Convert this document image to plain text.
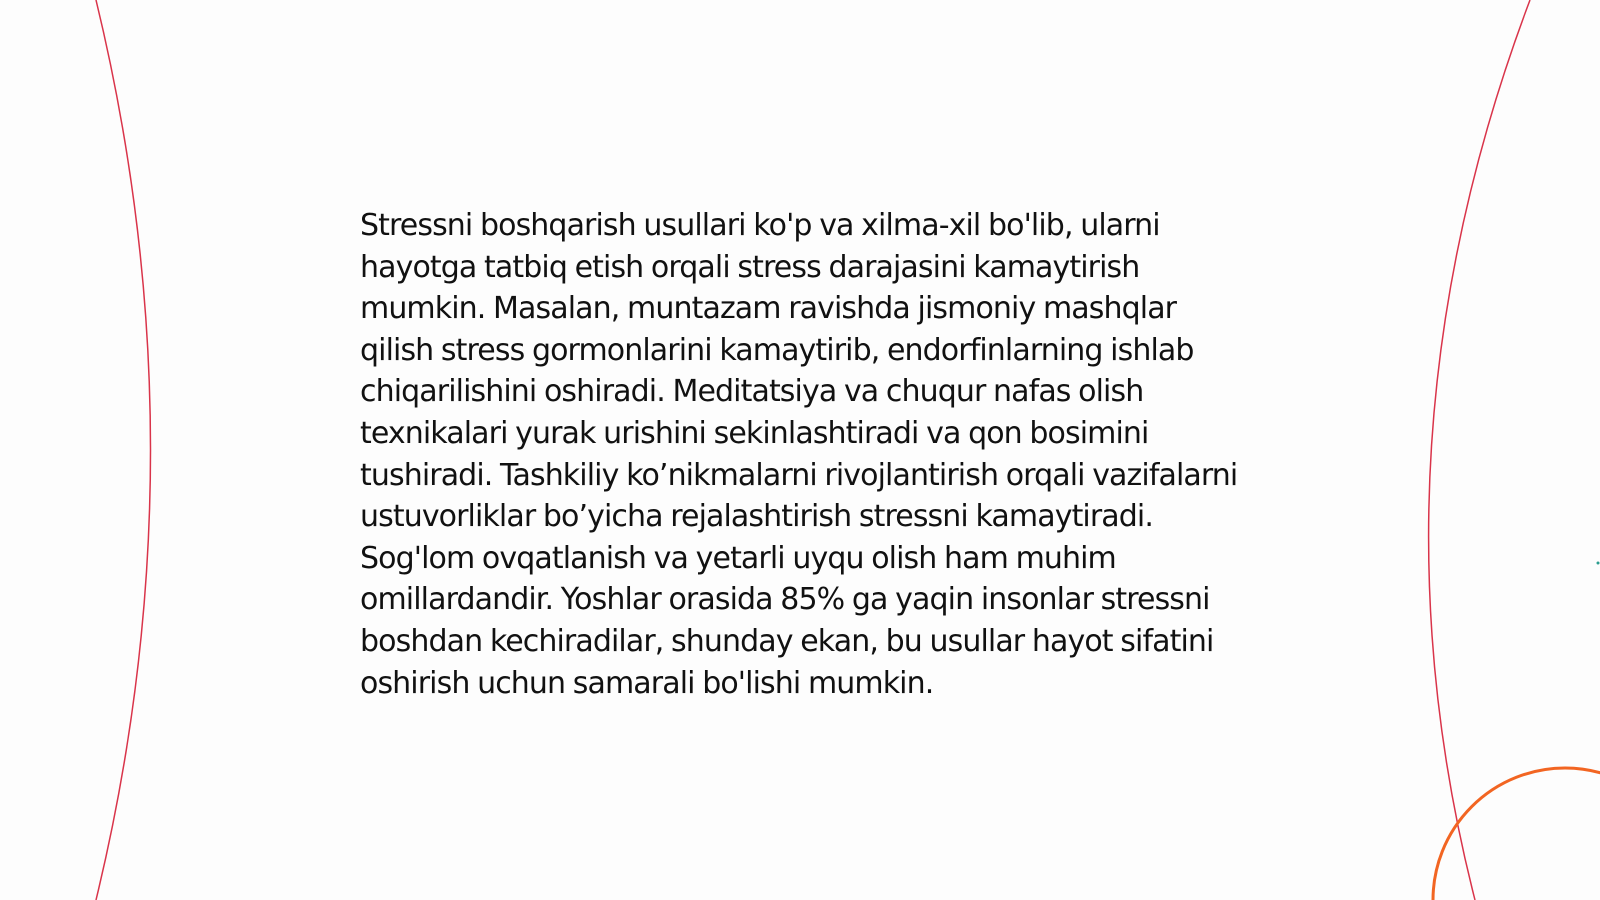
Stressni boshqarish usullari ko'p va xilma-xil bo'lib, ularni hayotga tatbiq etish orqali stress darajasini kamaytirish mumkin. Masalan, muntazam ravishda jismoniy mashqlar qilish stress gormonlarini kamaytirib, endorfinlarning ishlab chiqarilishini oshiradi. Meditatsiya va chuqur nafas olish texnikalari yurak urishini sekinlashtiradi va qon bosimini tushiradi. Tashkiliy ko’nikmalarni rivojlantirish orqali vazifalarni ustuvorliklar bo’yicha rejalashtirish stressni kamaytiradi. Sog'lom ovqatlanish va yetarli uyqu olish ham muhim omillardandir. Yoshlar orasida 85% ga yaqin insonlar stressni boshdan kechiradilar, shunday ekan, bu usullar hayot sifatini oshirish uchun samarali bo'lishi mumkin.
